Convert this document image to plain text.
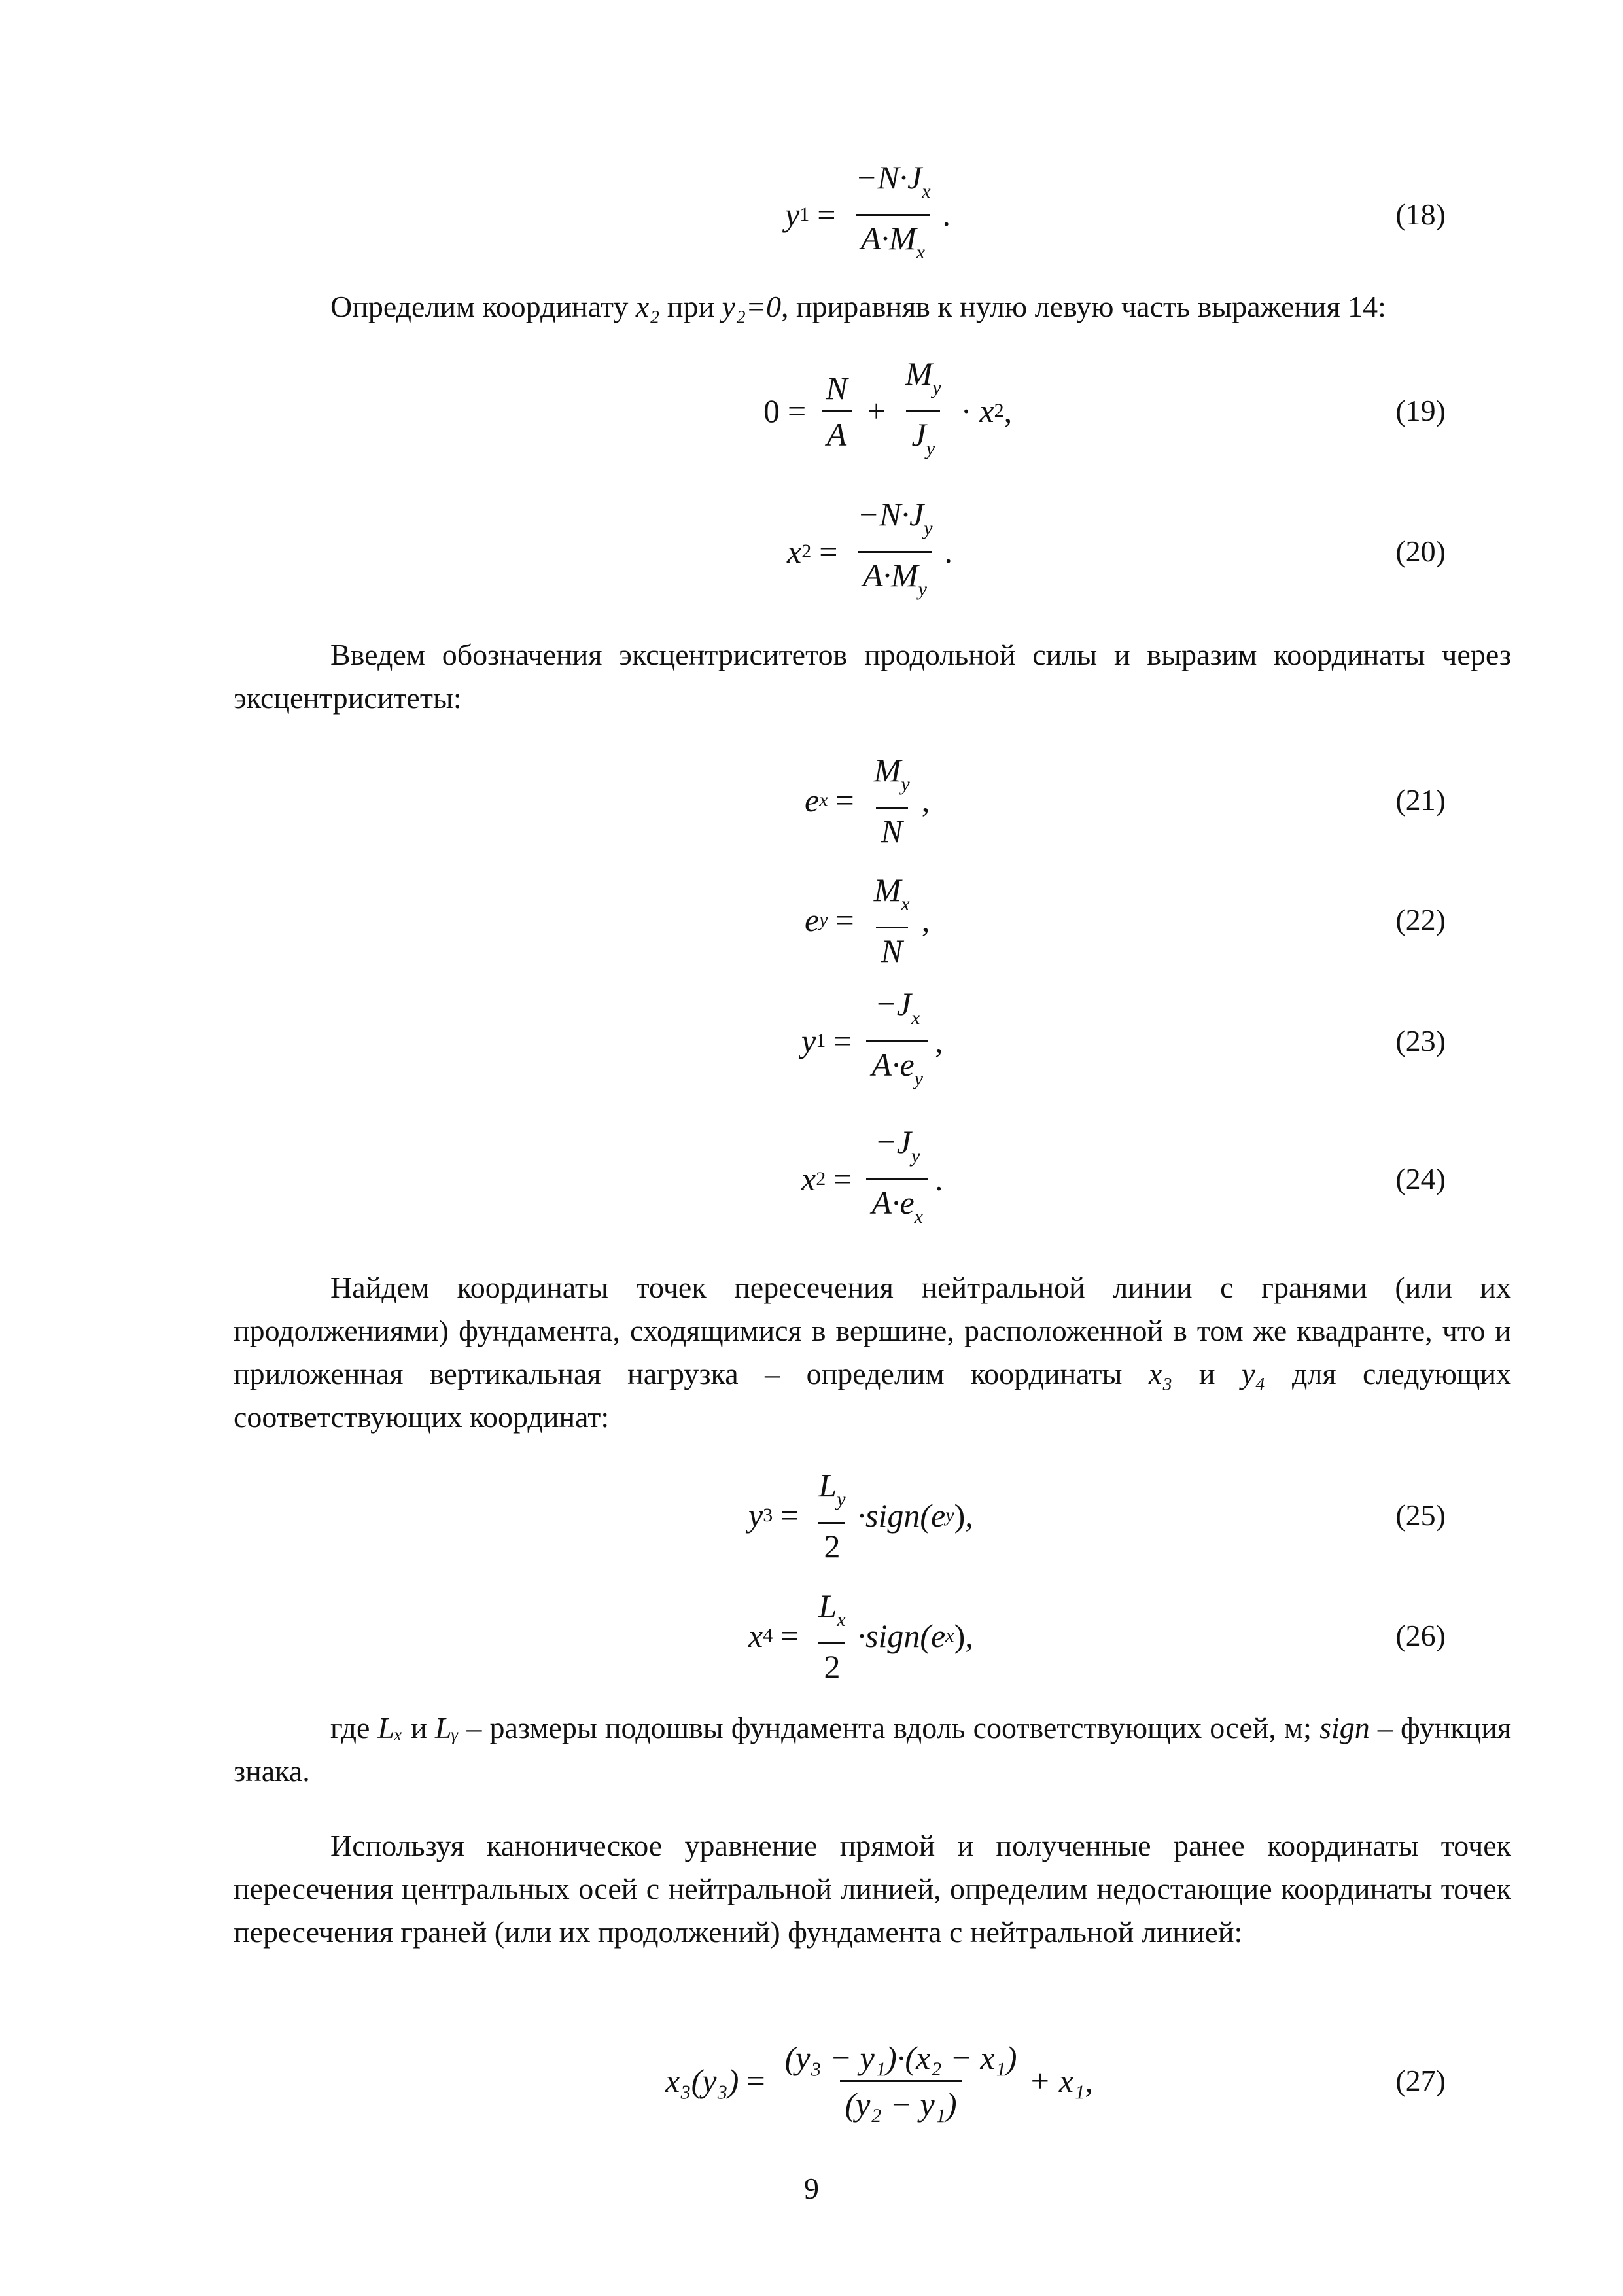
y $1 = \frac{-N\cdot J_x}{A\cdot M_x}$ .	(18)
Определим координату x₂ при y₂=0, приравняв к нулю левую часть выражения 14:
$0 = \frac{N}{A} + \frac{M_y}{J_y} \cdot x$ 2 ,	(19)
x $2 = \frac{-N\cdot J_y}{A\cdot M_y}$ .	(20)
Введем обозначения эксцентриситетов продольной силы и выразим координаты через эксцентриситеты:
e $x = \frac{M_y}{N}$ ,	(21)
e $y = \frac{M_x}{N}$ ,	(22)
y $1 = \frac{-J_x}{A\cdot e_y}$ ,	(23)
x $2 = \frac{-J_y}{A\cdot e_x}$ .	(24)
Найдем координаты точек пересечения нейтральной линии с гранями (или их продолжениями) фундамента, сходящимися в вершине, расположенной в том же квадранте, что и приложенная вертикальная нагрузка – определим координаты x₃ и y₄ для следующих соответствующих координат:
y $3 = \frac{L_y}{2}$ ·sign(e y ),	(25)
x $4 = \frac{L_x}{2}$ ·sign(e x ),	(26)
где Lₓ и Lᵧ – размеры подошвы фундамента вдоль соответствующих осей, м; sign – функция знака.
Используя каноническое уравнение прямой и полученные ранее координаты точек пересечения центральных осей с нейтральной линией, определим недостающие координаты точек пересечения граней (или их продолжений) фундамента с нейтральной линией:
$x_3(y_3) = \frac{\text{(y₃ − y₁)·(x₂ − x₁)}}{\text{(y₂ − y₁)}} + x_1$,	(27)
9
